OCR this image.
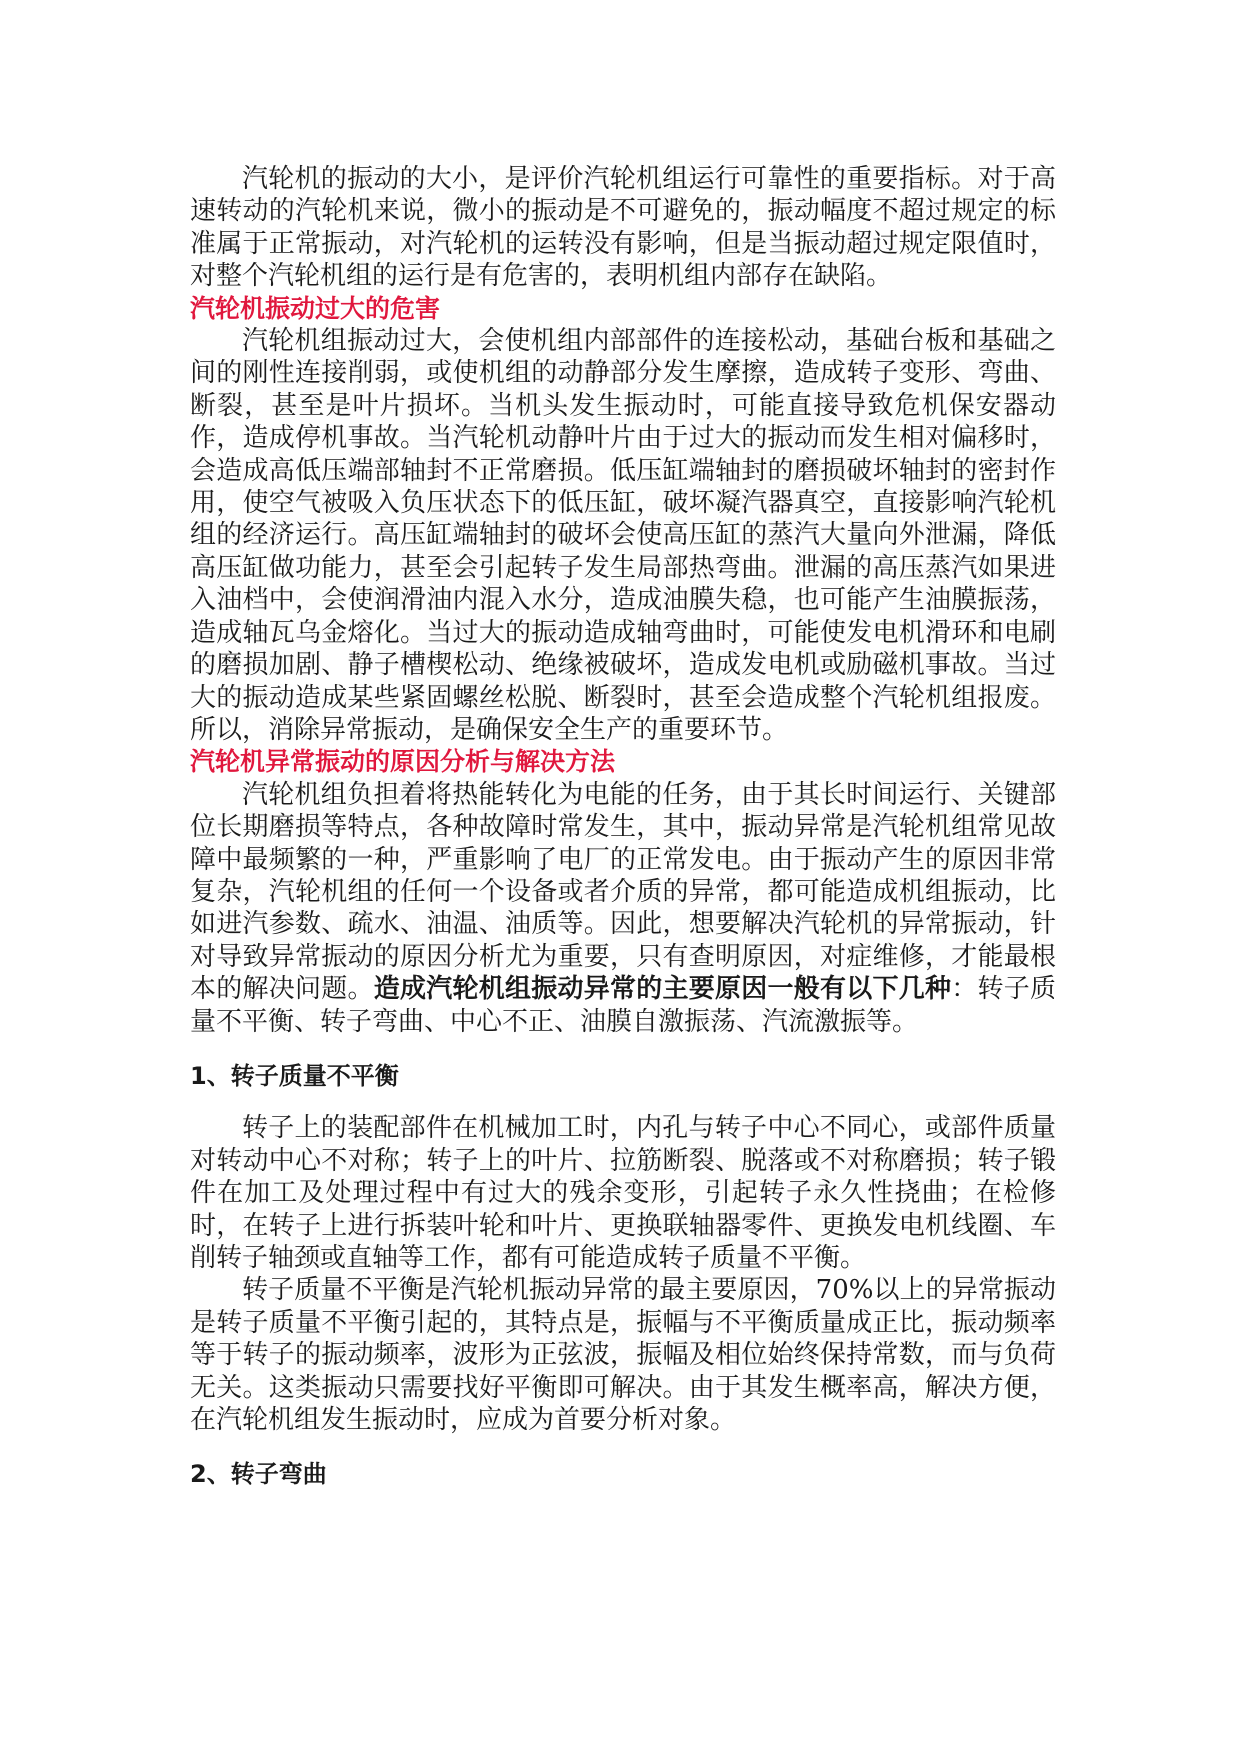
汽轮机的振动的大小，是评价汽轮机组运行可靠性的重要指标。对于高速转动的汽轮机来说，微小的振动是不可避免的，振动幅度不超过规定的标准属于正常振动，对汽轮机的运转没有影响，但是当振动超过规定限值时，对整个汽轮机组的运行是有危害的，表明机组内部存在缺陷。

汽轮机振动过大的危害

汽轮机组振动过大，会使机组内部部件的连接松动，基础台板和基础之间的刚性连接削弱，或使机组的动静部分发生摩擦，造成转子变形、弯曲、断裂，甚至是叶片损坏。当机头发生振动时，可能直接导致危机保安器动作，造成停机事故。当汽轮机动静叶片由于过大的振动而发生相对偏移时，会造成高低压端部轴封不正常磨损。低压缸端轴封的磨损破坏轴封的密封作用，使空气被吸入负压状态下的低压缸，破坏凝汽器真空，直接影响汽轮机组的经济运行。高压缸端轴封的破坏会使高压缸的蒸汽大量向外泄漏，降低高压缸做功能力，甚至会引起转子发生局部热弯曲。泄漏的高压蒸汽如果进入油档中，会使润滑油内混入水分，造成油膜失稳，也可能产生油膜振荡，造成轴瓦乌金熔化。当过大的振动造成轴弯曲时，可能使发电机滑环和电刷的磨损加剧、静子槽楔松动、绝缘被破坏，造成发电机或励磁机事故。当过大的振动造成某些紧固螺丝松脱、断裂时，甚至会造成整个汽轮机组报废。所以，消除异常振动，是确保安全生产的重要环节。

汽轮机异常振动的原因分析与解决方法

汽轮机组负担着将热能转化为电能的任务，由于其长时间运行、关键部位长期磨损等特点，各种故障时常发生，其中，振动异常是汽轮机组常见故障中最频繁的一种，严重影响了电厂的正常发电。由于振动产生的原因非常复杂，汽轮机组的任何一个设备或者介质的异常，都可能造成机组振动，比如进汽参数、疏水、油温、油质等。因此，想要解决汽轮机的异常振动，针对导致异常振动的原因分析尤为重要，只有查明原因，对症维修，才能最根本的解决问题。造成汽轮机组振动异常的主要原因一般有以下几种：转子质量不平衡、转子弯曲、中心不正、油膜自激振荡、汽流激振等。

1、转子质量不平衡

转子上的装配部件在机械加工时，内孔与转子中心不同心，或部件质量对转动中心不对称；转子上的叶片、拉筋断裂、脱落或不对称磨损；转子锻件在加工及处理过程中有过大的残余变形，引起转子永久性挠曲；在检修时，在转子上进行拆装叶轮和叶片、更换联轴器零件、更换发电机线圈、车削转子轴颈或直轴等工作，都有可能造成转子质量不平衡。

转子质量不平衡是汽轮机振动异常的最主要原因，70%以上的异常振动是转子质量不平衡引起的，其特点是，振幅与不平衡质量成正比，振动频率等于转子的振动频率，波形为正弦波，振幅及相位始终保持常数，而与负荷无关。这类振动只需要找好平衡即可解决。由于其发生概率高，解决方便，在汽轮机组发生振动时，应成为首要分析对象。

2、转子弯曲
